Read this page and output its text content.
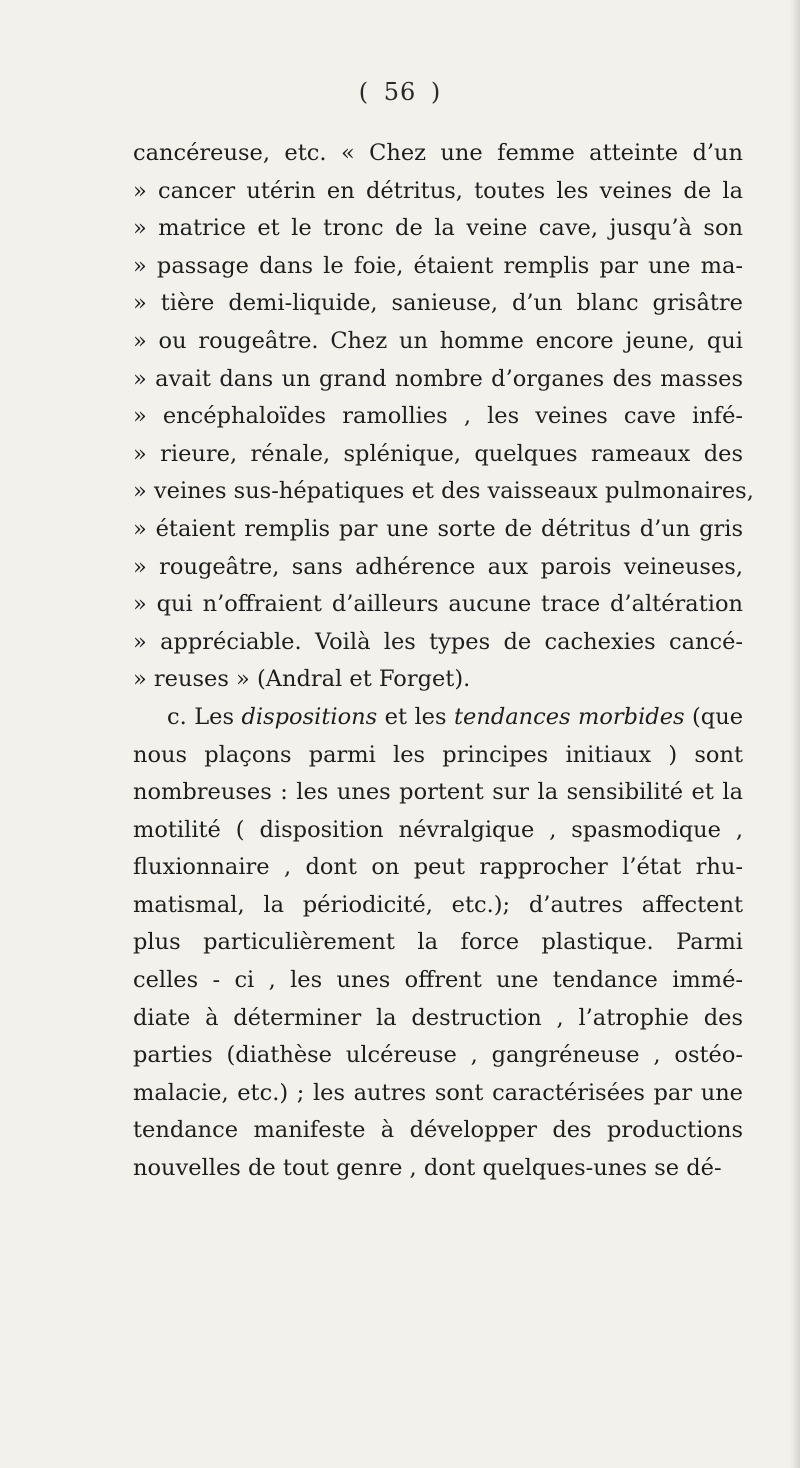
( 56 )
cancéreuse, etc. « Chez une femme atteinte d’un
» cancer utérin en détritus, toutes les veines de la
» matrice et le tronc de la veine cave, jusqu’à son
» passage dans le foie, étaient remplis par une ma-
» tière demi-liquide, sanieuse, d’un blanc grisâtre
» ou rougeâtre. Chez un homme encore jeune, qui
» avait dans un grand nombre d’organes des masses
» encéphaloïdes ramollies , les veines cave infé-
» rieure, rénale, splénique, quelques rameaux des
» veines sus-hépatiques et des vaisseaux pulmonaires,
» étaient remplis par une sorte de détritus d’un gris
» rougeâtre, sans adhérence aux parois veineuses,
» qui n’offraient d’ailleurs aucune trace d’altération
» appréciable. Voilà les types de cachexies cancé-
» reuses » (Andral et Forget).
c. Les dispositions et les tendances morbides (que
nous plaçons parmi les principes initiaux ) sont
nombreuses : les unes portent sur la sensibilité et la
motilité ( disposition névralgique , spasmodique ,
fluxionnaire , dont on peut rapprocher l’état rhu-
matismal, la périodicité, etc.); d’autres affectent
plus particulièrement la force plastique. Parmi
celles - ci , les unes offrent une tendance immé-
diate à déterminer la destruction , l’atrophie des
parties (diathèse ulcéreuse , gangréneuse , ostéo-
malacie, etc.) ; les autres sont caractérisées par une
tendance manifeste à développer des productions
nouvelles de tout genre , dont quelques-unes se dé-
